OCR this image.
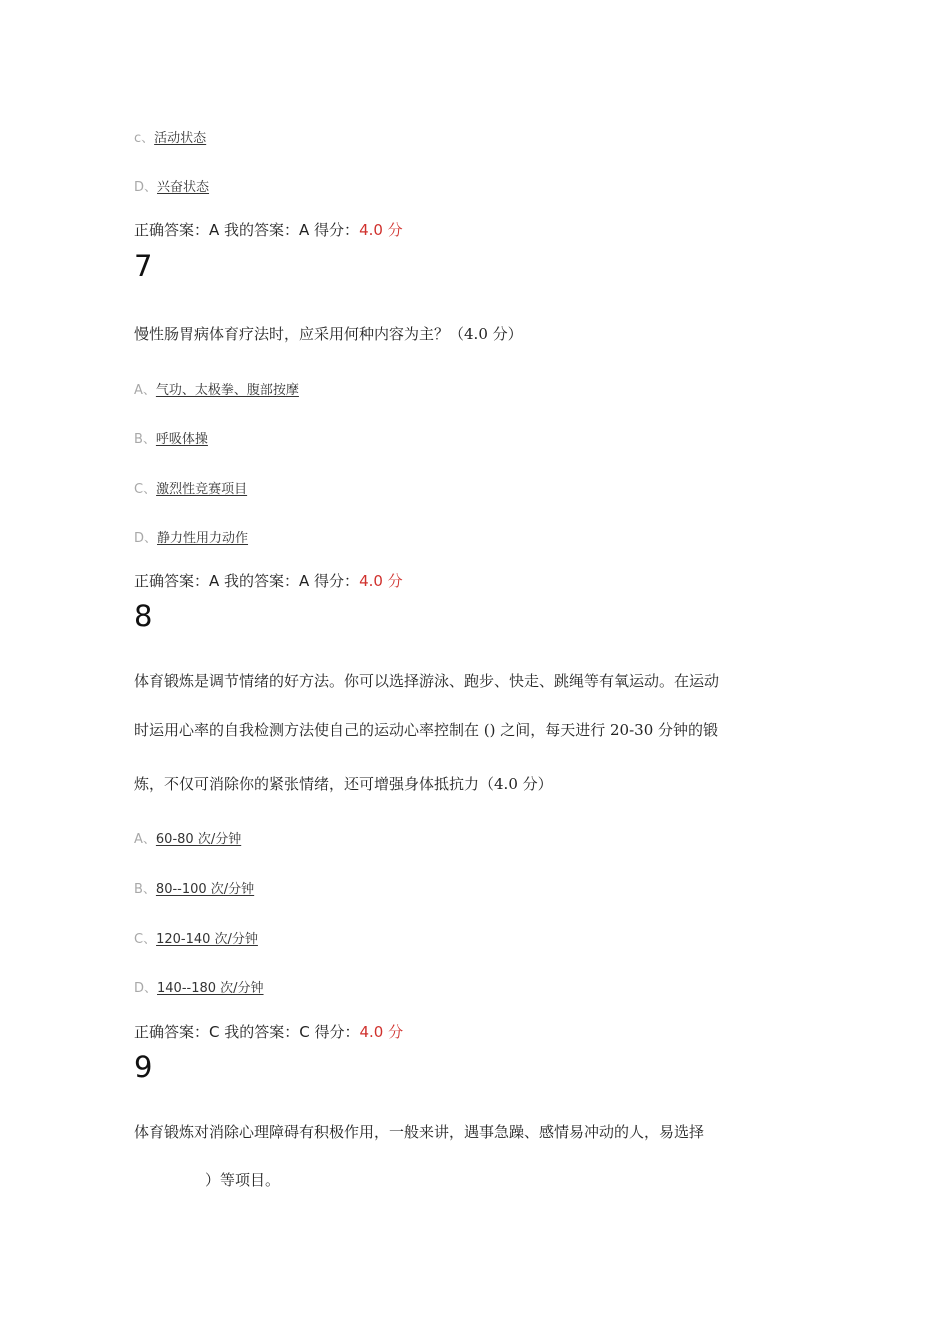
c、活动状态
D、兴奋状态
正确答案：A 我的答案：A 得分：4.0 分
7
慢性肠胃病体育疗法时，应采用何种内容为主？（4.0 分）
A、气功、太极拳、腹部按摩
B、呼吸体操
C、激烈性竞赛项目
D、静力性用力动作
正确答案：A 我的答案：A 得分：4.0 分
8
体育锻炼是调节情绪的好方法。你可以选择游泳、跑步、快走、跳绳等有氧运动。在运动
时运用心率的自我检测方法使自己的运动心率控制在 () 之间，每天进行 20-30 分钟的锻
炼，不仅可消除你的紧张情绪，还可增强身体抵抗力（4.0 分）
A、60-80 次/分钟
B、80--100 次/分钟
C、120-140 次/分钟
D、140--180 次/分钟
正确答案：C 我的答案：C 得分：4.0 分
9
体育锻炼对消除心理障碍有积极作用，一般来讲，遇事急躁、感情易冲动的人，易选择
）等项目。
